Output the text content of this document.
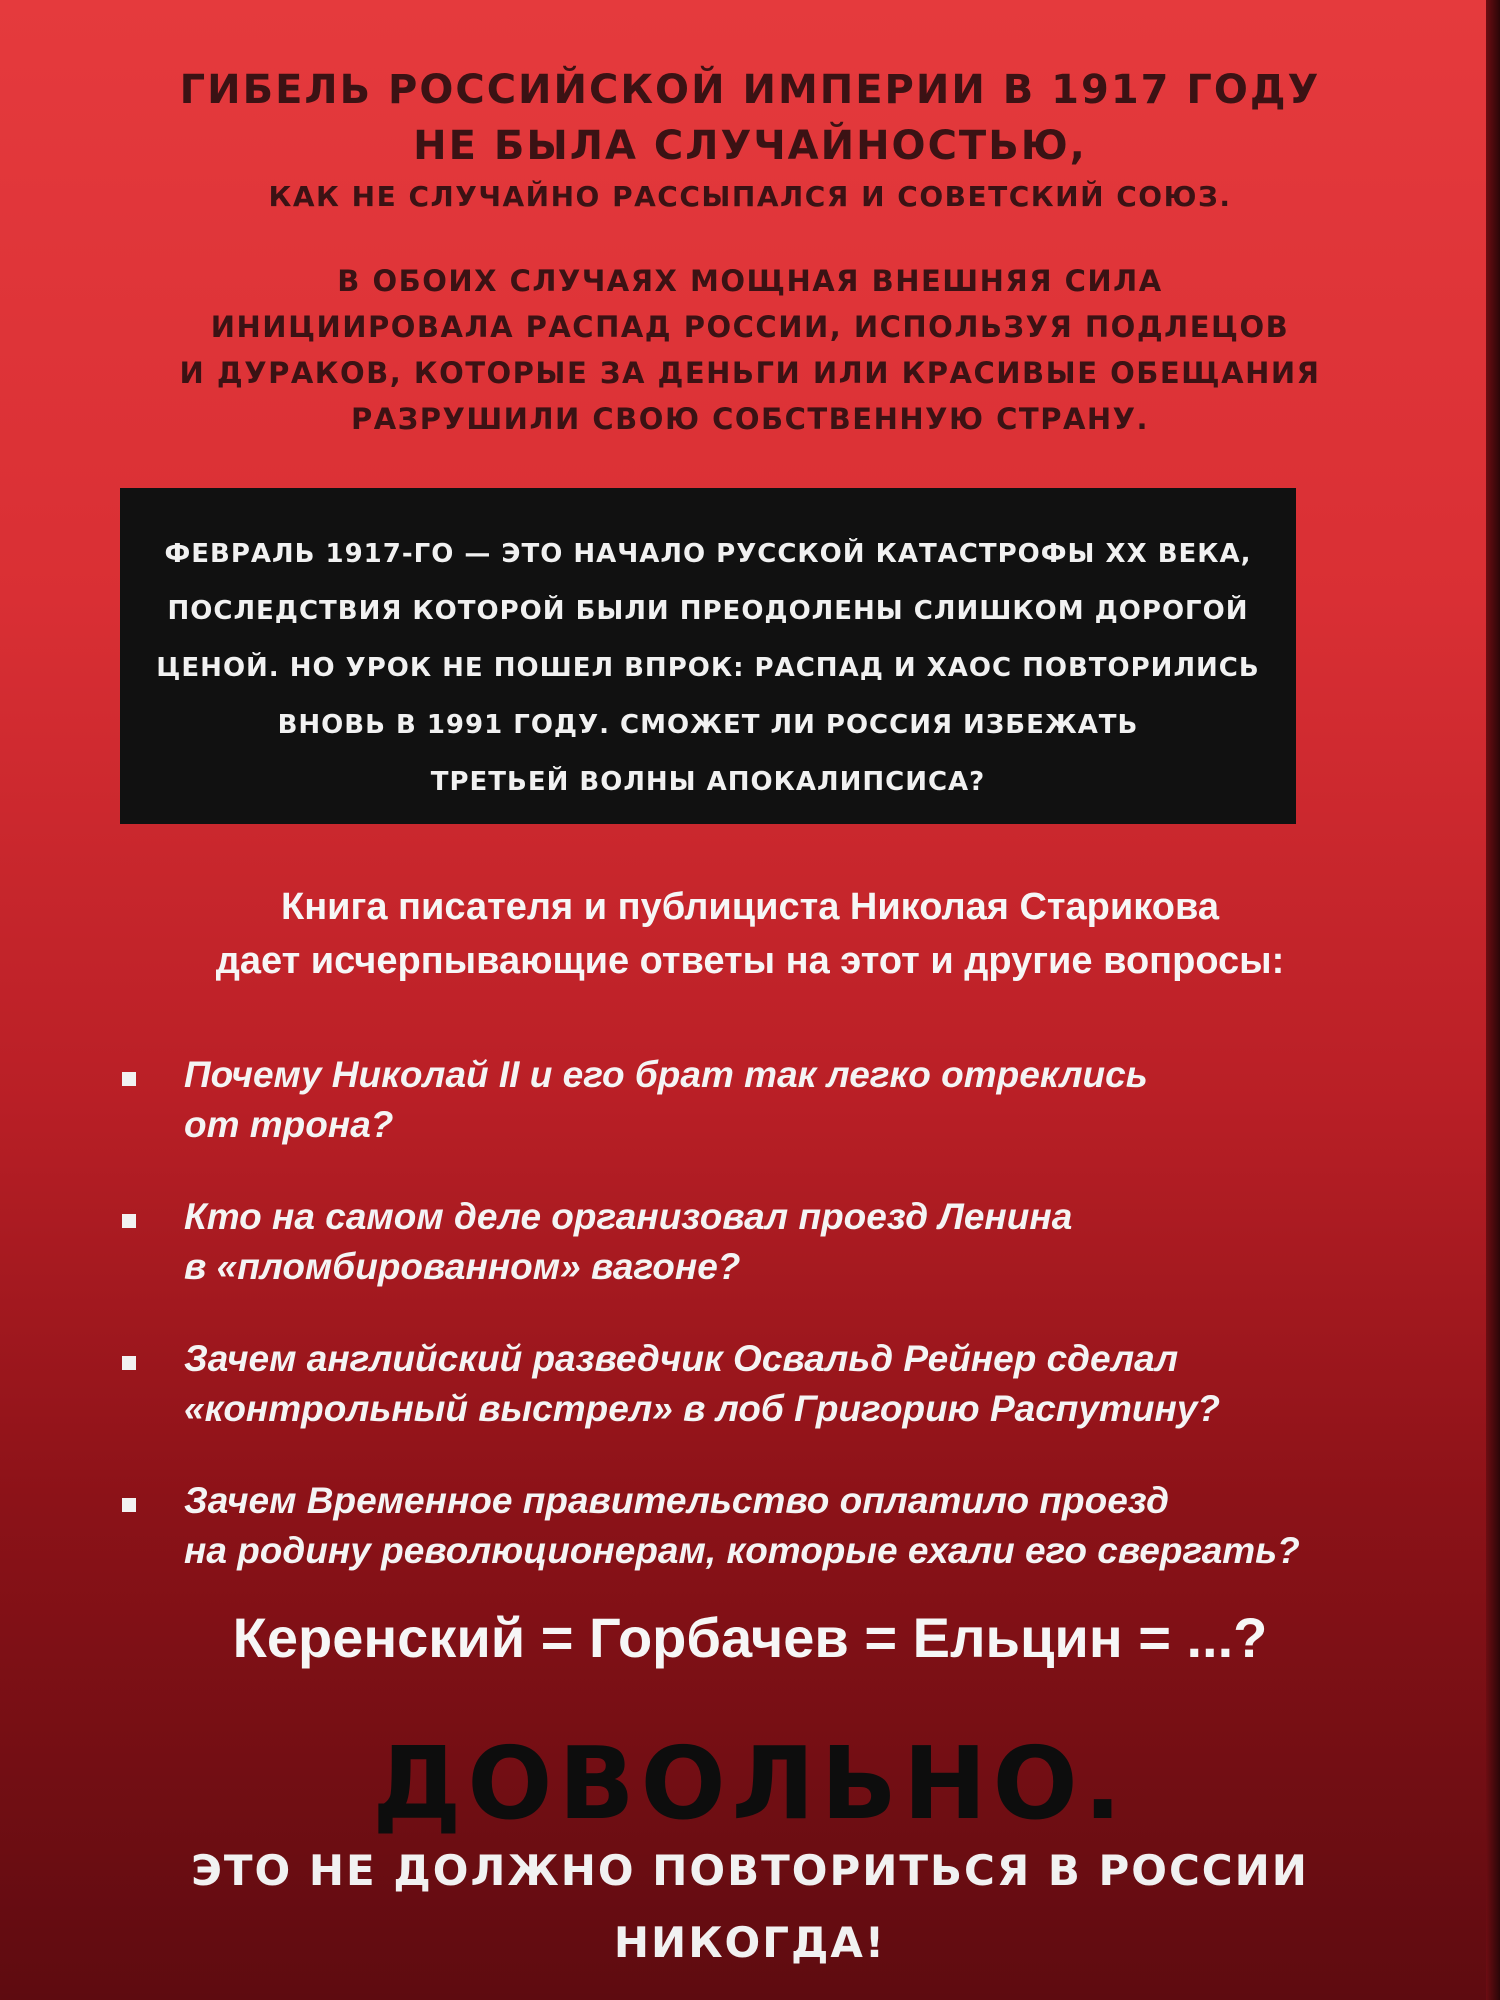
ГИБЕЛЬ РОССИЙСКОЙ ИМПЕРИИ В 1917 ГОДУ
НЕ БЫЛА СЛУЧАЙНОСТЬЮ,
КАК НЕ СЛУЧАЙНО РАССЫПАЛСЯ И СОВЕТСКИЙ СОЮЗ.
В ОБОИХ СЛУЧАЯХ МОЩНАЯ ВНЕШНЯЯ СИЛА
ИНИЦИИРОВАЛА РАСПАД РОССИИ, ИСПОЛЬЗУЯ ПОДЛЕЦОВ
И ДУРАКОВ, КОТОРЫЕ ЗА ДЕНЬГИ ИЛИ КРАСИВЫЕ ОБЕЩАНИЯ
РАЗРУШИЛИ СВОЮ СОБСТВЕННУЮ СТРАНУ.
ФЕВРАЛЬ 1917-ГО — ЭТО НАЧАЛО РУССКОЙ КАТАСТРОФЫ XX ВЕКА,
ПОСЛЕДСТВИЯ КОТОРОЙ БЫЛИ ПРЕОДОЛЕНЫ СЛИШКОМ ДОРОГОЙ
ЦЕНОЙ. НО УРОК НЕ ПОШЕЛ ВПРОК: РАСПАД И ХАОС ПОВТОРИЛИСЬ
ВНОВЬ В 1991 ГОДУ. СМОЖЕТ ЛИ РОССИЯ ИЗБЕЖАТЬ
ТРЕТЬЕЙ ВОЛНЫ АПОКАЛИПСИСА?
Книга писателя и публициста Николая Старикова
дает исчерпывающие ответы на этот и другие вопросы:
Почему Николай II и его брат так легко отреклись
от трона?
Кто на самом деле организовал проезд Ленина
в «пломбированном» вагоне?
Зачем английский разведчик Освальд Рейнер сделал
«контрольный выстрел» в лоб Григорию Распутину?
Зачем Временное правительство оплатило проезд
на родину революционерам, которые ехали его свергать?
Керенский = Горбачев = Ельцин = ...?
ДОВОЛЬНО.
ЭТО НЕ ДОЛЖНО ПОВТОРИТЬСЯ В РОССИИ
НИКОГДА!
